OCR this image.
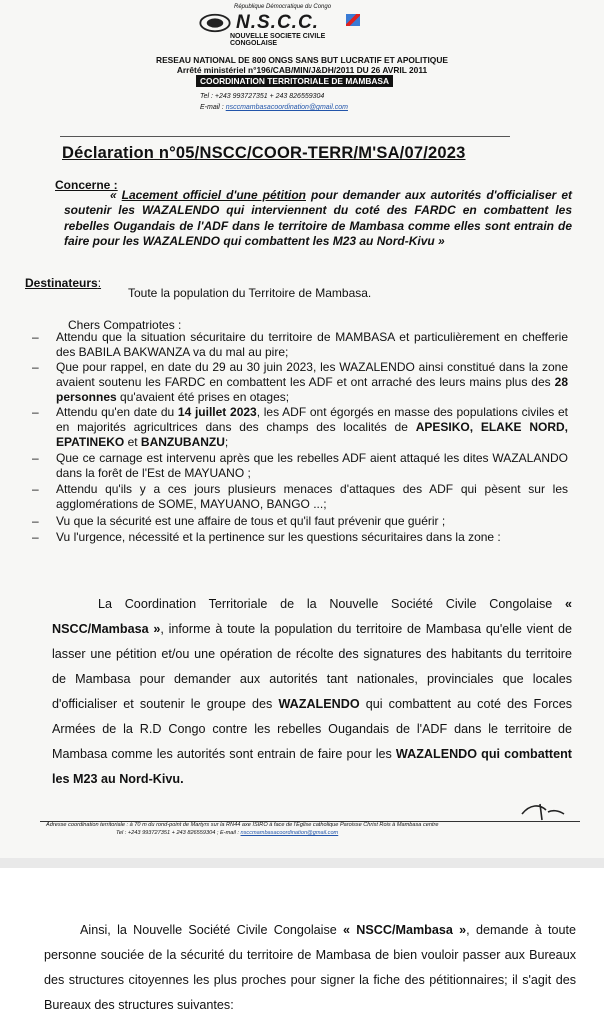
République Démocratique du Congo
N.S.C.C.
NOUVELLE SOCIETE CIVILE CONGOLAISE
RESEAU NATIONAL DE 800 ONGS SANS BUT LUCRATIF ET APOLITIQUE
Arrêté ministériel n°196/CAB/MIN/J&DH/2011 DU 26 AVRIL 2011
COORDINATION TERRITORIALE DE MAMBASA
Tel : +243 993727351 + 243 826559304
E-mail : nsccmambasacoordination@gmail.com
Déclaration n°05/NSCC/COOR-TERR/M'SA/07/2023
Concerne :
« Lacement officiel d'une pétition pour demander aux autorités d'officialiser et soutenir les WAZALENDO qui interviennent du coté des FARDC en combattent les rebelles Ougandais de l'ADF dans le territoire de Mambasa comme elles sont entrain de faire pour les WAZALENDO qui combattent les M23 au Nord-Kivu »
Destinateurs:
Toute la population du Territoire de Mambasa.
Chers Compatriotes :
– Attendu que la situation sécuritaire du territoire de MAMBASA et particulièrement en chefferie des BABILA BAKWANZA va du mal au pire;
– Que pour rappel, en date du 29 au 30 juin 2023, les WAZALENDO ainsi constitué dans la zone avaient soutenu les FARDC en combattent les ADF et ont arraché des leurs mains plus des 28 personnes qu'avaient été prises en otages;
– Attendu qu'en date du 14 juillet 2023, les ADF ont égorgés en masse des populations civiles et en majorités agricultrices dans des champs des localités de APESIKO, ELAKE NORD, EPATINEKO et BANZUBANZU;
– Que ce carnage est intervenu après que les rebelles ADF aient attaqué les dites WAZALANDO dans la forêt de l'Est de MAYUANO ;
– Attendu qu'ils y a ces jours plusieurs menaces d'attaques des ADF qui pèsent sur les agglomérations de SOME, MAYUANO, BANGO ...;
– Vu que la sécurité est une affaire de tous et qu'il faut prévenir que guérir ;
– Vu l'urgence, nécessité et la pertinence sur les questions sécuritaires dans la zone :
La Coordination Territoriale de la Nouvelle Société Civile Congolaise « NSCC/Mambasa », informe à toute la population du territoire de Mambasa qu'elle vient de lasser une pétition et/ou une opération de récolte des signatures des habitants du territoire de Mambasa pour demander aux autorités tant nationales, provinciales que locales d'officialiser et soutenir le groupe des WAZALENDO qui combattent au coté des Forces Armées de la R.D Congo contre les rebelles Ougandais de l'ADF dans le territoire de Mambasa comme les autorités sont entrain de faire pour les WAZALENDO qui combattent les M23 au Nord-Kivu.
Adresse coordination territoriale : à 70 m du rond-point de Martyrs sur la RN44 axe ISIRO à face de l'Eglise catholique Paroisse Christ Rois à Mambasa centre
Tel : +243 993727351 + 243 826559304 ; E-mail : nsccmambasacoordination@gmail.com
Ainsi, la Nouvelle Société Civile Congolaise « NSCC/Mambasa », demande à toute personne souciée de la sécurité du territoire de Mambasa de bien vouloir passer aux Bureaux des structures citoyennes les plus proches pour signer la fiche des pétitionnaires; il s'agit des Bureaux des structures suivantes:
